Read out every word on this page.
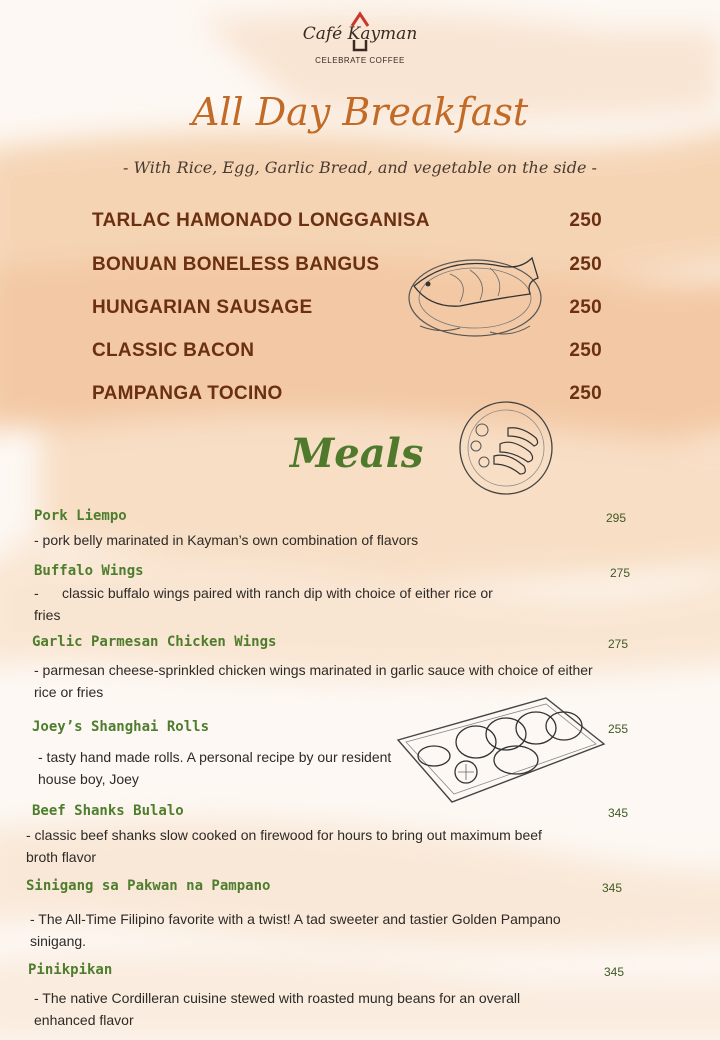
Café Kayman
CELEBRATE COFFEE
All Day Breakfast
- With Rice, Egg, Garlic Bread, and vegetable on the side -
TARLAC HAMONADO LONGGANISA	250
BONUAN BONELESS BANGUS	250
HUNGARIAN SAUSAGE	250
CLASSIC BACON	250
PAMPANGA TOCINO	250
Meals
Pork Liempo	295
- pork belly marinated in Kayman’s own combination of flavors
Buffalo Wings	275
-      classic buffalo wings paired with ranch dip with choice of either rice or fries
Garlic Parmesan Chicken Wings	275
- parmesan cheese-sprinkled chicken wings marinated in garlic sauce with choice of either rice or fries
Joey’s Shanghai Rolls	255
- tasty hand made rolls. A personal recipe by our resident house boy, Joey
Beef Shanks Bulalo	345
- classic beef shanks slow cooked on firewood for hours to bring out maximum beef broth flavor
Sinigang sa Pakwan na Pampano	345
- The All-Time Filipino favorite with a twist! A tad sweeter and tastier Golden Pampano sinigang.
Pinikpikan	345
- The native Cordilleran cuisine stewed with roasted mung beans for an overall enhanced flavor
